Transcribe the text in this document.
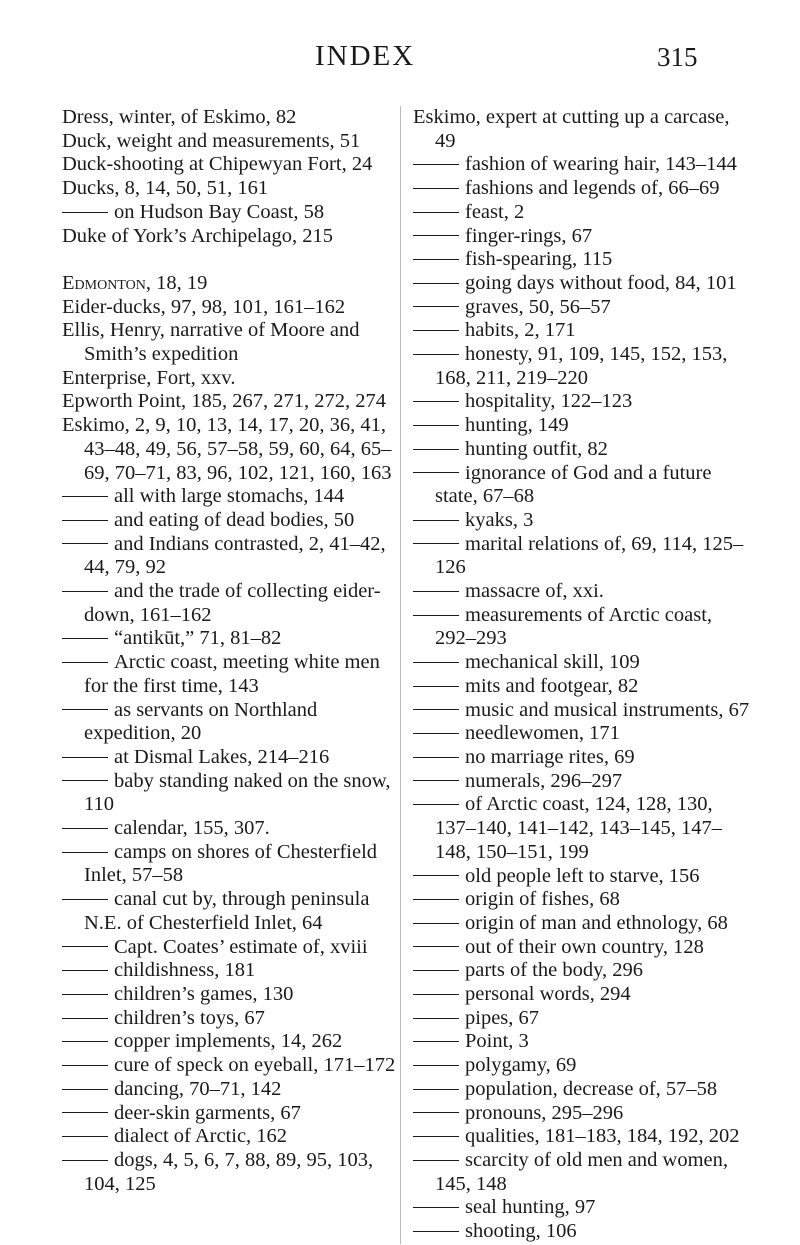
INDEX	315
Dress, winter, of Eskimo, 82
Duck, weight and measurements, 51
Duck-shooting at Chipewyan Fort, 24
Ducks, 8, 14, 50, 51, 161
on Hudson Bay Coast, 58
Duke of York’s Archipelago, 215
Edmonton, 18, 19
Eider-ducks, 97, 98, 101, 161–162
Ellis, Henry, narrative of Moore and Smith’s expedition
Enterprise, Fort, xxv.
Epworth Point, 185, 267, 271, 272, 274
Eskimo, 2, 9, 10, 13, 14, 17, 20, 36, 41, 43–48, 49, 56, 57–58, 59, 60, 64, 65–69, 70–71, 83, 96, 102, 121, 160, 163
all with large stomachs, 144
and eating of dead bodies, 50
and Indians contrasted, 2, 41–42, 44, 79, 92
and the trade of collecting eider-down, 161–162
“antikūt,” 71, 81–82
Arctic coast, meeting white men for the first time, 143
as servants on Northland expedition, 20
at Dismal Lakes, 214–216
baby standing naked on the snow, 110
calendar, 155, 307.
camps on shores of Chesterfield Inlet, 57–58
canal cut by, through peninsula N.E. of Chesterfield Inlet, 64
Capt. Coates’ estimate of, xviii
childishness, 181
children’s games, 130
children’s toys, 67
copper implements, 14, 262
cure of speck on eyeball, 171–172
dancing, 70–71, 142
deer-skin garments, 67
dialect of Arctic, 162
dogs, 4, 5, 6, 7, 88, 89, 95, 103, 104, 125
Eskimo, expert at cutting up a carcase, 49
fashion of wearing hair, 143–144
fashions and legends of, 66–69
feast, 2
finger-rings, 67
fish-spearing, 115
going days without food, 84, 101
graves, 50, 56–57
habits, 2, 171
honesty, 91, 109, 145, 152, 153, 168, 211, 219–220
hospitality, 122–123
hunting, 149
hunting outfit, 82
ignorance of God and a future state, 67–68
kyaks, 3
marital relations of, 69, 114, 125–126
massacre of, xxi.
measurements of Arctic coast, 292–293
mechanical skill, 109
mits and footgear, 82
music and musical instruments, 67
needlewomen, 171
no marriage rites, 69
numerals, 296–297
of Arctic coast, 124, 128, 130, 137–140, 141–142, 143–145, 147–148, 150–151, 199
old people left to starve, 156
origin of fishes, 68
origin of man and ethnology, 68
out of their own country, 128
parts of the body, 296
personal words, 294
pipes, 67
Point, 3
polygamy, 69
population, decrease of, 57–58
pronouns, 295–296
qualities, 181–183, 184, 192, 202
scarcity of old men and women, 145, 148
seal hunting, 97
shooting, 106
